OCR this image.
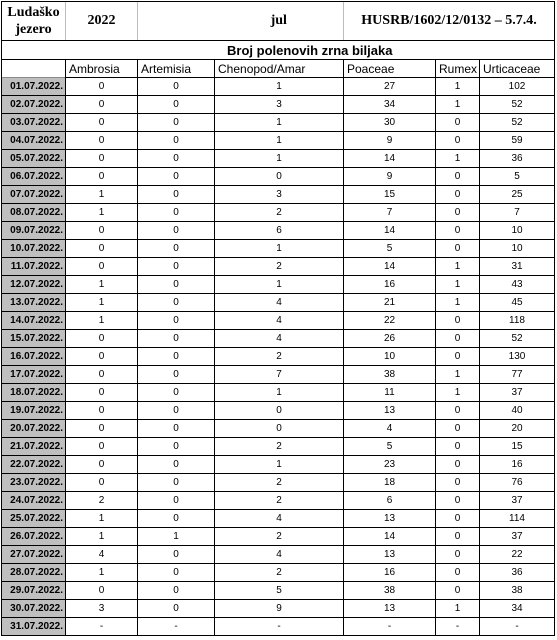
Ludaško jezero	2022		jul	HUSRB/1602/12/0132 – 5.7.4.		
	Broj polenovih zrna biljaka					
	Ambrosia	Artemisia	Chenopod/Amar	Poaceae	Rumex	Urticaceae
01.07.2022.	0	0	1	27	1	102
02.07.2022.	0	0	3	34	1	52
03.07.2022.	0	0	1	30	0	52
04.07.2022.	0	0	1	9	0	59
05.07.2022.	0	0	1	14	1	36
06.07.2022.	0	0	0	9	0	5
07.07.2022.	1	0	3	15	0	25
08.07.2022.	1	0	2	7	0	7
09.07.2022.	0	0	6	14	0	10
10.07.2022.	0	0	1	5	0	10
11.07.2022.	0	0	2	14	1	31
12.07.2022.	1	0	1	16	1	43
13.07.2022.	1	0	4	21	1	45
14.07.2022.	1	0	4	22	0	118
15.07.2022.	0	0	4	26	0	52
16.07.2022.	0	0	2	10	0	130
17.07.2022.	0	0	7	38	1	77
18.07.2022.	0	0	1	11	1	37
19.07.2022.	0	0	0	13	0	40
20.07.2022.	0	0	0	4	0	20
21.07.2022.	0	0	2	5	0	15
22.07.2022.	0	0	1	23	0	16
23.07.2022.	0	0	2	18	0	76
24.07.2022.	2	0	2	6	0	37
25.07.2022.	1	0	4	13	0	114
26.07.2022.	1	1	2	14	0	37
27.07.2022.	4	0	4	13	0	22
28.07.2022.	1	0	2	16	0	36
29.07.2022.	0	0	5	38	0	38
30.07.2022.	3	0	9	13	1	34
31.07.2022.	-	-	-	-	-	-
